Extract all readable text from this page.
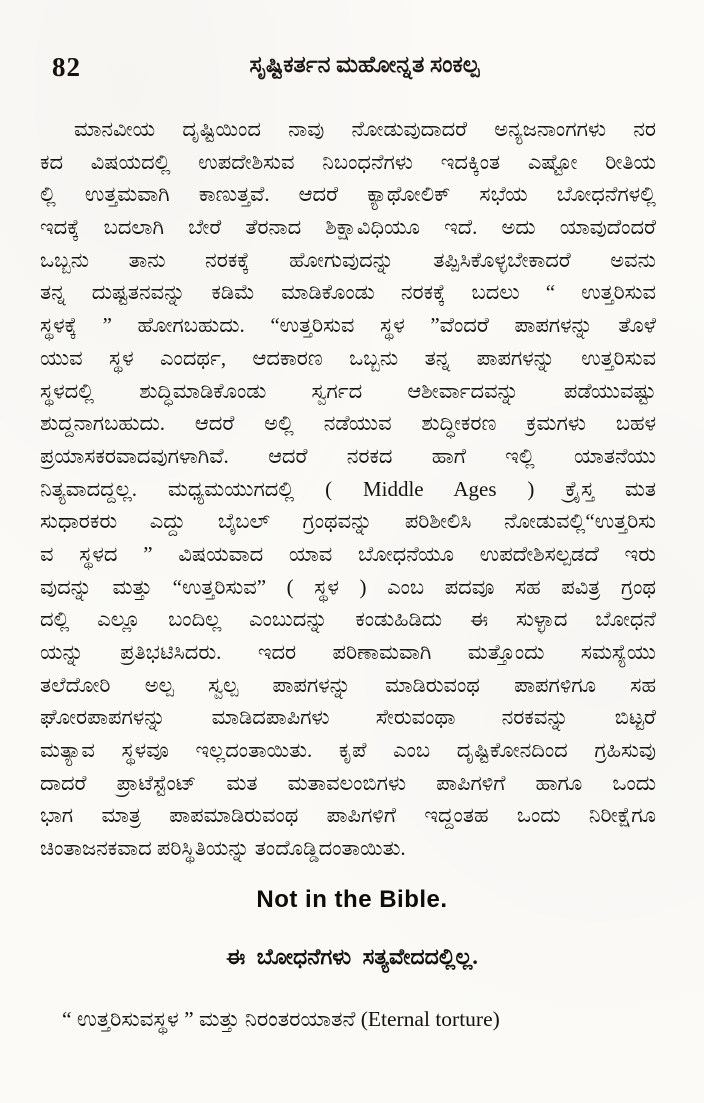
82	ಸೃಷ್ಟಿಕರ್ತನ ಮಹೋನ್ನತ ಸಂಕಲ್ಪ
ಮಾನವೀಯ ದೃಷ್ಟಿಯಿಂದ ನಾವು ನೋಡುವುದಾದರೆ ಅನ್ಯಜನಾಂಗಗಳು ನರ
ಕದ ವಿಷಯದಲ್ಲಿ ಉಪದೇಶಿಸುವ ನಿಬಂಧನೆಗಳು ಇದಕ್ಕಿಂತ ಎಷ್ಟೋ ರೀತಿಯ
ಲ್ಲಿ ಉತ್ತಮವಾಗಿ ಕಾಣುತ್ತವೆ. ಆದರೆ ಕ್ಯಾಥೋಲಿಕ್ ಸಭೆಯ ಬೋಧನೆಗಳಲ್ಲಿ
ಇದಕ್ಕೆ ಬದಲಾಗಿ ಬೇರೆ ತೆರನಾದ ಶಿಕ್ಷಾವಿಧಿಯೂ ಇದೆ. ಅದು ಯಾವುದೆಂದರೆ
ಒಬ್ಬನು ತಾನು ನರಕಕ್ಕೆ ಹೋಗುವುದನ್ನು ತಪ್ಪಿಸಿಕೊಳ್ಳಬೇಕಾದರೆ ಅವನು
ತನ್ನ ದುಷ್ಟತನವನ್ನು ಕಡಿಮೆ ಮಾಡಿಕೊಂಡು ನರಕಕ್ಕೆ ಬದಲು “ ಉತ್ತರಿಸುವ
ಸ್ಥಳಕ್ಕೆ ” ಹೋಗಬಹುದು. “ಉತ್ತರಿಸುವ ಸ್ಥಳ ”ವೆಂದರೆ ಪಾಪಗಳನ್ನು ತೊಳೆ
ಯುವ ಸ್ಥಳ ಎಂದರ್ಥ, ಆದಕಾರಣ ಒಬ್ಬನು ತನ್ನ ಪಾಪಗಳನ್ನು ಉತ್ತರಿಸುವ
ಸ್ಥಳದಲ್ಲಿ ಶುದ್ಧಿಮಾಡಿಕೊಂಡು ಸ್ವರ್ಗದ ಆಶೀರ್ವಾದವನ್ನು ಪಡೆಯುವಷ್ಟು
ಶುದ್ದನಾಗಬಹುದು. ಆದರೆ ಅಲ್ಲಿ ನಡೆಯುವ ಶುದ್ಧೀಕರಣ ಕ್ರಮಗಳು ಬಹಳ
ಪ್ರಯಾಸಕರವಾದವುಗಳಾಗಿವೆ. ಆದರೆ ನರಕದ ಹಾಗೆ ಇಲ್ಲಿ ಯಾತನೆಯು
ನಿತ್ಯವಾದದ್ದಲ್ಲ. ಮಧ್ಯಮಯುಗದಲ್ಲಿ ( Middle Ages ) ಕ್ರೈಸ್ತ ಮತ
ಸುಧಾರಕರು ಎದ್ದು ಬೈಬಲ್ ಗ್ರಂಥವನ್ನು ಪರಿಶೀಲಿಸಿ ನೋಡುವಲ್ಲಿ“ಉತ್ತರಿಸು
ವ ಸ್ಥಳದ ” ವಿಷಯವಾದ ಯಾವ ಬೋಧನೆಯೂ ಉಪದೇಶಿಸಲ್ಪಡದೆ ಇರು
ವುದನ್ನು ಮತ್ತು “ಉತ್ತರಿಸುವ” ( ಸ್ಥಳ ) ಎಂಬ ಪದವೂ ಸಹ ಪವಿತ್ರ ಗ್ರಂಥ
ದಲ್ಲಿ ಎಲ್ಲೂ ಬಂದಿಲ್ಲ ಎಂಬುದನ್ನು ಕಂಡುಹಿಡಿದು ಈ ಸುಳ್ಳಾದ ಬೋಧನೆ
ಯನ್ನು ಪ್ರತಿಭಟಿಸಿದರು. ಇದರ ಪರಿಣಾಮವಾಗಿ ಮತ್ತೊಂದು ಸಮಸ್ಯೆಯು
ತಲೆದೋರಿ ಅಲ್ಪ ಸ್ವಲ್ಪ ಪಾಪಗಳನ್ನು ಮಾಡಿರುವಂಥ ಪಾಪಗಳಿಗೂ ಸಹ
ಘೋರಪಾಪಗಳನ್ನು ಮಾಡಿದಪಾಪಿಗಳು ಸೇರುವಂಥಾ ನರಕವನ್ನು ಬಿಟ್ಟರೆ
ಮತ್ಯಾವ ಸ್ಥಳವೂ ಇಲ್ಲದಂತಾಯಿತು. ಕೃಪೆ ಎಂಬ ದೃಷ್ಟಿಕೋನದಿಂದ ಗ್ರಹಿಸುವು
ದಾದರೆ ಪ್ರಾಟೆಸ್ಟೆಂಟ್ ಮತ ಮತಾವಲಂಬಿಗಳು ಪಾಪಿಗಳಿಗೆ ಹಾಗೂ ಒಂದು
ಭಾಗ ಮಾತ್ರ ಪಾಪಮಾಡಿರುವಂಥ ಪಾಪಿಗಳಿಗೆ ಇದ್ದಂತಹ ಒಂದು ನಿರೀಕ್ಷೆಗೂ
ಚಿಂತಾಜನಕವಾದ ಪರಿಸ್ಥಿತಿಯನ್ನು ತಂದೊಡ್ಡಿದಂತಾಯಿತು.
Not in the Bible.
ಈ ಬೋಧನೆಗಳು ಸತ್ಯವೇದದಲ್ಲಿಲ್ಲ.
“ ಉತ್ತರಿಸುವಸ್ಥಳ ” ಮತ್ತು ನಿರಂತರಯಾತನೆ (Eternal torture)
